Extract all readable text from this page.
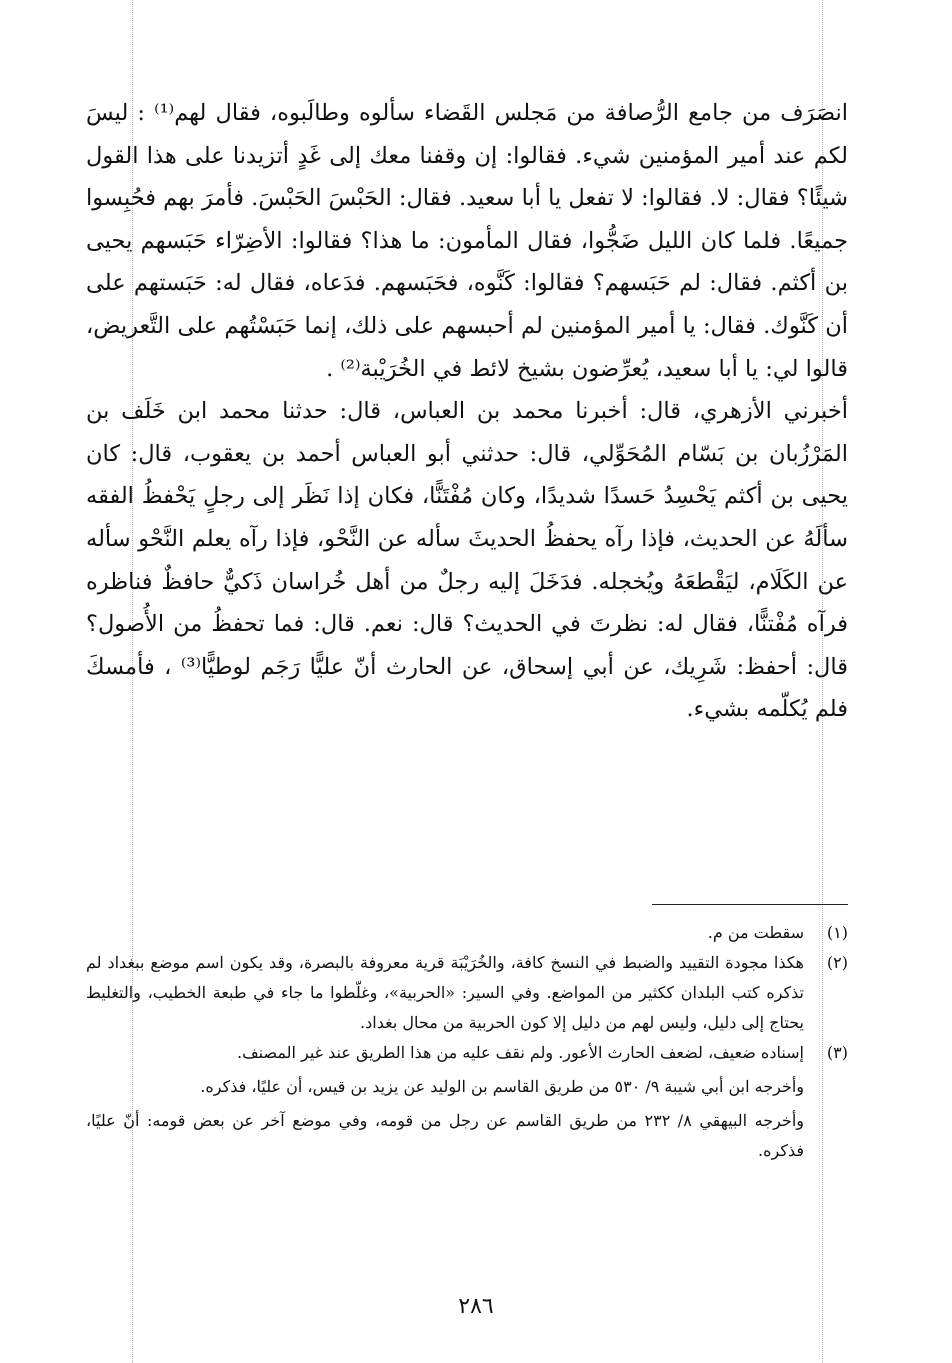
انصَرَف من جامع الرُّصافة من مَجلس القَضاء سألوه وطالَبوه، فقال لهم⁽¹⁾ : ليسَ لكم عند أمير المؤمنين شيء. فقالوا: إن وقفنا معك إلى غَدٍ أتزيدنا على هذا القول شيئًا؟ فقال: لا. فقالوا: لا تفعل يا أبا سعيد. فقال: الحَبْسَ الحَبْسَ. فأمرَ بهم فحُبِسوا جميعًا. فلما كان الليل ضَجُّوا، فقال المأمون: ما هذا؟ فقالوا: الأضِرّاء حَبَسهم يحيى بن أكثم. فقال: لم حَبَسهم؟ فقالوا: كَنَّوه، فحَبَسهم. فدَعاه، فقال له: حَبَستهم على أن كَنَّوك. فقال: يا أمير المؤمنين لم أحبسهم على ذلك، إنما حَبَسْتُهم على التَّعريض، قالوا لي: يا أبا سعيد، يُعرِّضون بشيخ لائط في الخُرَيْبة⁽²⁾ .

أخبرني الأزهري، قال: أخبرنا محمد بن العباس، قال: حدثنا محمد ابن خَلَف بن المَرْزُبان بن بَسّام المُحَوِّلي، قال: حدثني أبو العباس أحمد بن يعقوب، قال: كان يحيى بن أكثم يَحْسِدُ حَسدًا شديدًا، وكان مُفْتَنًّا، فكان إذا نَظَر إلى رجلٍ يَحْفظُ الفقه سألَهُ عن الحديث، فإذا رآه يحفظُ الحديثَ سأله عن النَّحْو، فإذا رآه يعلم النَّحْو سأله عن الكَلَام، ليَقْطعَهُ ويُخجله. فدَخَلَ إليه رجلٌ من أهل خُراسان ذَكيٌّ حافظٌ فناظره فرآه مُفْتنًّا، فقال له: نظرتَ في الحديث؟ قال: نعم. قال: فما تحفظُ من الأُصول؟ قال: أحفظ: شَرِيك، عن أبي إسحاق، عن الحارث أنّ عليًّا رَجَم لوطيًّا⁽³⁾ ، فأمسكَ فلم يُكلّمه بشيء.

(١)
سقطت من م.
(٢)
هكذا مجودة التقييد والضبط في النسخ كافة، والخُرَيْبَة قرية معروفة بالبصرة، وقد يكون اسم موضع ببغداد لم تذكره كتب البلدان ككثير من المواضع. وفي السير: «الحربية»، وغلّطوا ما جاء في طبعة الخطيب، والتغليط يحتاج إلى دليل، وليس لهم من دليل إلا كون الحربية من محال بغداد.
(٣)
إسناده ضعيف، لضعف الحارث الأعور. ولم نقف عليه من هذا الطريق عند غير المصنف.

وأخرجه ابن أبي شيبة ٩/ ٥٣٠ من طريق القاسم بن الوليد عن يزيد بن قيس، أن عليًا، فذكره.

وأخرجه البيهقي ٨/ ٢٣٢ من طريق القاسم عن رجل من قومه، وفي موضع آخر عن بعض قومه: أنّ عليًا، فذكره.

٢٨٦
